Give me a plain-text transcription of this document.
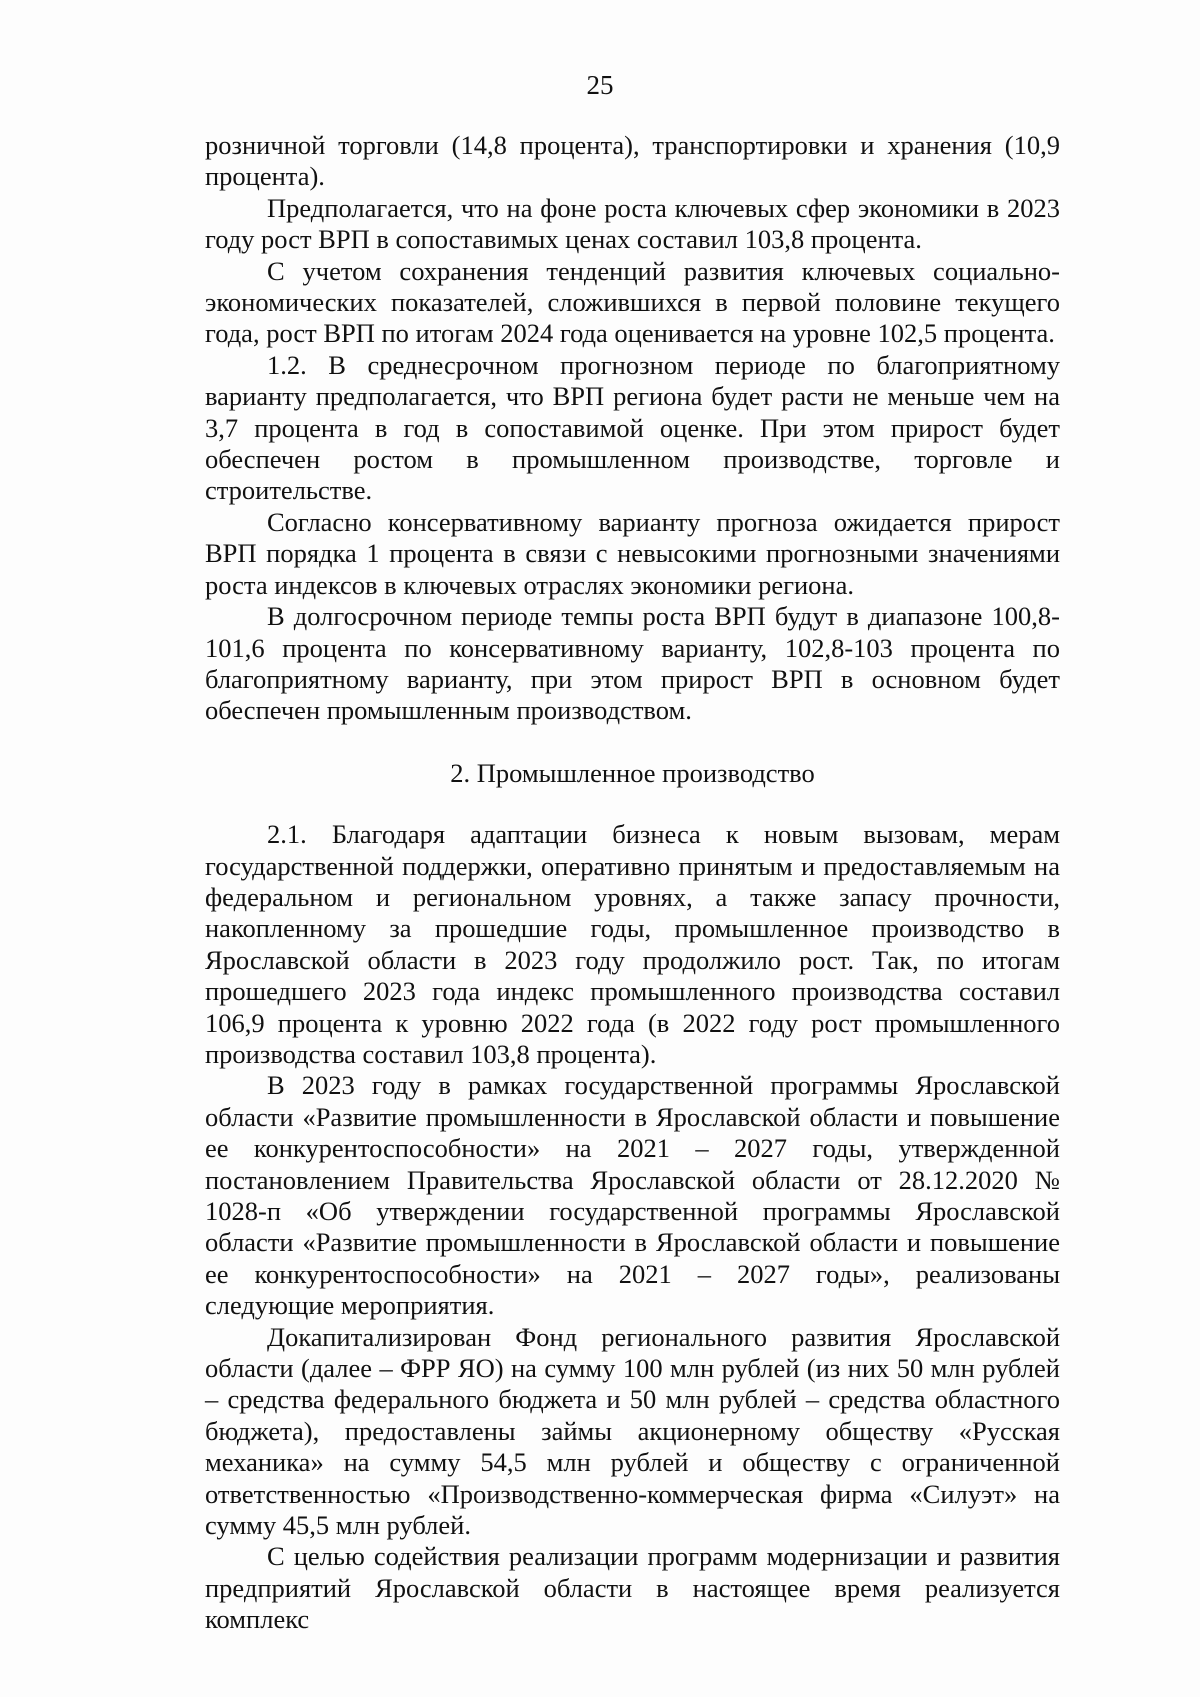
25

розничной торговли (14,8 процента), транспортировки и хранения (10,9 процента).

Предполагается, что на фоне роста ключевых сфер экономики в 2023 году рост ВРП в сопоставимых ценах составил 103,8 процента.

С учетом сохранения тенденций развития ключевых социально-экономических показателей, сложившихся в первой половине текущего года, рост ВРП по итогам 2024 года оценивается на уровне 102,5 процента.

1.2. В среднесрочном прогнозном периоде по благоприятному варианту предполагается, что ВРП региона будет расти не меньше чем на 3,7 процента в год в сопоставимой оценке. При этом прирост будет обеспечен ростом в промышленном производстве, торговле и строительстве.

Согласно консервативному варианту прогноза ожидается прирост ВРП порядка 1 процента в связи с невысокими прогнозными значениями роста индексов в ключевых отраслях экономики региона.

В долгосрочном периоде темпы роста ВРП будут в диапазоне 100,8-101,6 процента по консервативному варианту, 102,8-103 процента по благоприятному варианту, при этом прирост ВРП в основном будет обеспечен промышленным производством.

2. Промышленное производство

2.1. Благодаря адаптации бизнеса к новым вызовам, мерам государственной поддержки, оперативно принятым и предоставляемым на федеральном и региональном уровнях, а также запасу прочности, накопленному за прошедшие годы, промышленное производство в Ярославской области в 2023 году продолжило рост. Так, по итогам прошедшего 2023 года индекс промышленного производства составил 106,9 процента к уровню 2022 года (в 2022 году рост промышленного производства составил 103,8 процента).

В 2023 году в рамках государственной программы Ярославской области «Развитие промышленности в Ярославской области и повышение ее конкурентоспособности» на 2021 – 2027 годы, утвержденной постановлением Правительства Ярославской области от 28.12.2020 № 1028-п «Об утверждении государственной программы Ярославской области «Развитие промышленности в Ярославской области и повышение ее конкурентоспособности» на 2021 – 2027 годы», реализованы следующие мероприятия.

Докапитализирован Фонд регионального развития Ярославской области (далее – ФРР ЯО) на сумму 100 млн рублей (из них 50 млн рублей – средства федерального бюджета и 50 млн рублей – средства областного бюджета), предоставлены займы акционерному обществу «Русская механика» на сумму 54,5 млн рублей и обществу с ограниченной ответственностью «Производственно-коммерческая фирма «Силуэт» на сумму 45,5 млн рублей.

С целью содействия реализации программ модернизации и развития предприятий Ярославской области в настоящее время реализуется комплекс
